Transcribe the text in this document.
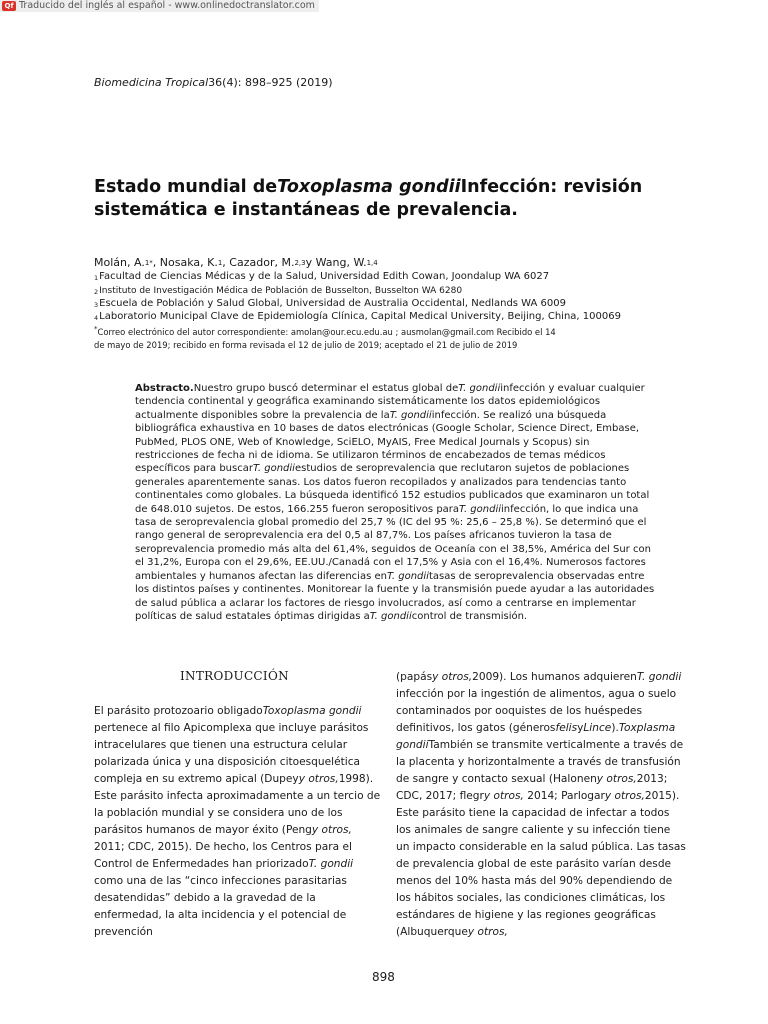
Qf Traducido del inglés al español - www.onlinedoctranslator.com
Biomedicina Tropical36(4): 898–925 (2019)
Estado mundial deToxoplasma gondiiInfección: revisión
sistemática e instantáneas de prevalencia.
Molán, A.$^{1*}$, Nosaka, K.$^1$, Cazador, M.$^{2,3}$y Wang, W.$^{1,4}$
1Facultad de Ciencias Médicas y de la Salud, Universidad Edith Cowan, Joondalup WA 6027
2Instituto de Investigación Médica de Población de Busselton, Busselton WA 6280
3Escuela de Población y Salud Global, Universidad de Australia Occidental, Nedlands WA 6009
4Laboratorio Municipal Clave de Epidemiología Clínica, Capital Medical University, Beijing, China, 100069
*Correo electrónico del autor correspondiente: amolan@our.ecu.edu.au ; ausmolan@gmail.com Recibido el 14
de mayo de 2019; recibido en forma revisada el 12 de julio de 2019; aceptado el 21 de julio de 2019
Abstracto.Nuestro grupo buscó determinar el estatus global deT. gondiiinfección y evaluar cualquier
tendencia continental y geográfica examinando sistemáticamente los datos epidemiológicos
actualmente disponibles sobre la prevalencia de laT. gondiiinfección. Se realizó una búsqueda
bibliográfica exhaustiva en 10 bases de datos electrónicas (Google Scholar, Science Direct, Embase,
PubMed, PLOS ONE, Web of Knowledge, SciELO, MyAIS, Free Medical Journals y Scopus) sin
restricciones de fecha ni de idioma. Se utilizaron términos de encabezados de temas médicos
específicos para buscarT. gondiiestudios de seroprevalencia que reclutaron sujetos de poblaciones
generales aparentemente sanas. Los datos fueron recopilados y analizados para tendencias tanto
continentales como globales. La búsqueda identificó 152 estudios publicados que examinaron un total
de 648.010 sujetos. De estos, 166.255 fueron seropositivos paraT. gondiiinfección, lo que indica una
tasa de seroprevalencia global promedio del 25,7 % (IC del 95 %: 25,6 – 25,8 %). Se determinó que el
rango general de seroprevalencia era del 0,5 al 87,7%. Los países africanos tuvieron la tasa de
seroprevalencia promedio más alta del 61,4%, seguidos de Oceanía con el 38,5%, América del Sur con
el 31,2%, Europa con el 29,6%, EE.UU./Canadá con el 17,5% y Asia con el 16,4%. Numerosos factores
ambientales y humanos afectan las diferencias enT. gondiitasas de seroprevalencia observadas entre
los distintos países y continentes. Monitorear la fuente y la transmisión puede ayudar a las autoridades
de salud pública a aclarar los factores de riesgo involucrados, así como a centrarse en implementar
políticas de salud estatales óptimas dirigidas aT. gondiicontrol de transmisión.
INTRODUCCIÓN
El parásito protozoario obligadoToxoplasma gondii
pertenece al filo Apicomplexa que incluye parásitos
intracelulares que tienen una estructura celular
polarizada única y una disposición citoesquelética
compleja en su extremo apical (Dupeyy otros,1998).
Este parásito infecta aproximadamente a un tercio de
la población mundial y se considera uno de los
parásitos humanos de mayor éxito (Pengy otros,
2011; CDC, 2015). De hecho, los Centros para el
Control de Enfermedades han priorizadoT. gondii
como una de las “cinco infecciones parasitarias
desatendidas” debido a la gravedad de la
enfermedad, la alta incidencia y el potencial de
prevención
(papásy otros,2009). Los humanos adquierenT. gondii
infección por la ingestión de alimentos, agua o suelo
contaminados por ooquistes de los huéspedes
definitivos, los gatos (génerosfelisyLince).Toxplasma
gondiiTambién se transmite verticalmente a través de
la placenta y horizontalmente a través de transfusión
de sangre y contacto sexual (Haloneny otros,2013;
CDC, 2017; flegry otros, 2014; Parlogary otros,2015).
Este parásito tiene la capacidad de infectar a todos
los animales de sangre caliente y su infección tiene
un impacto considerable en la salud pública. Las tasas
de prevalencia global de este parásito varían desde
menos del 10% hasta más del 90% dependiendo de
los hábitos sociales, las condiciones climáticas, los
estándares de higiene y las regiones geográficas
(Albuquerquey otros,
898
